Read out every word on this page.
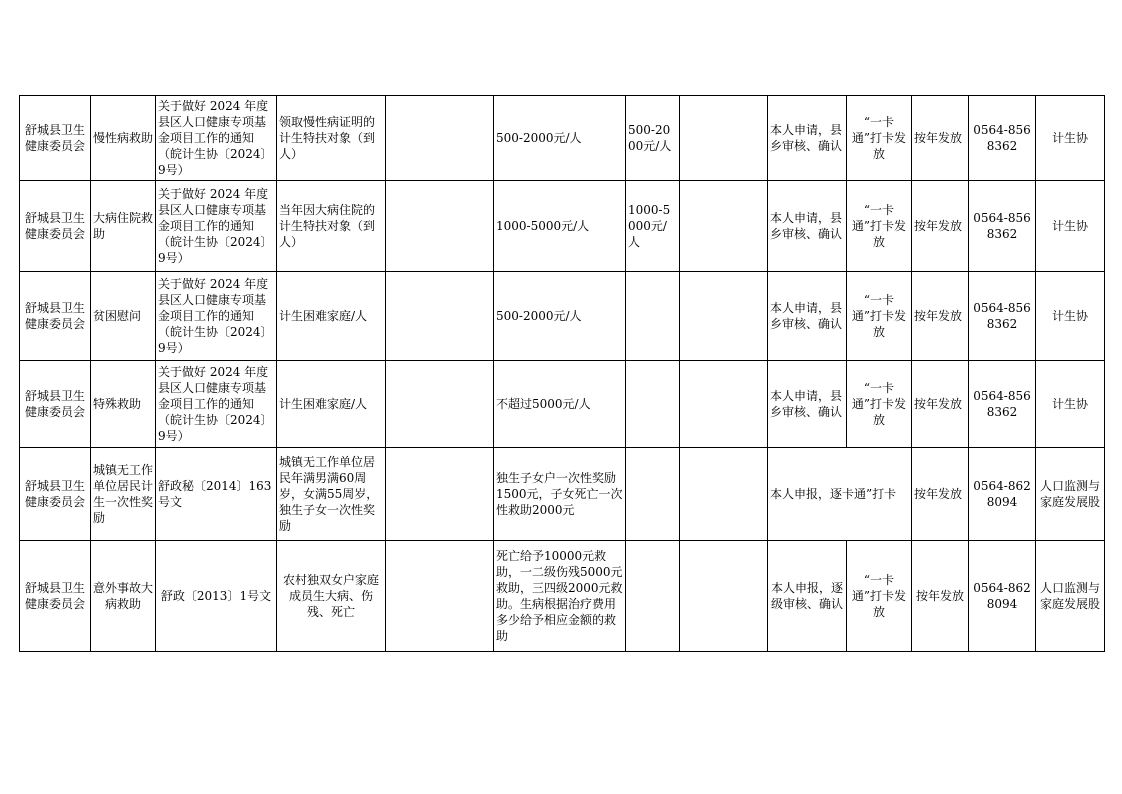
舒城县卫生健康委员会	慢性病救助	关于做好 2024 年度县区人口健康专项基金项目工作的通知（皖计生协〔2024〕9号）	领取慢性病证明的计生特扶对象（到人）		500-2000元/人	500-2000元/人		本人申请，县乡审核、确认	“一卡通”打卡发放	按年发放	0564-8568362	计生协
舒城县卫生健康委员会	大病住院救助	关于做好 2024 年度县区人口健康专项基金项目工作的通知（皖计生协〔2024〕9号）	当年因大病住院的计生特扶对象（到人）		1000-5000元/人	1000-5000元/人		本人申请，县乡审核、确认	“一卡通”打卡发放	按年发放	0564-8568362	计生协
舒城县卫生健康委员会	贫困慰问	关于做好 2024 年度县区人口健康专项基金项目工作的通知（皖计生协〔2024〕9号）	计生困难家庭/人		500-2000元/人			本人申请，县乡审核、确认	“一卡通”打卡发放	按年发放	0564-8568362	计生协
舒城县卫生健康委员会	特殊救助	关于做好 2024 年度县区人口健康专项基金项目工作的通知（皖计生协〔2024〕9号）	计生困难家庭/人		不超过5000元/人			本人申请，县乡审核、确认	“一卡通”打卡发放	按年发放	0564-8568362	计生协
舒城县卫生健康委员会	城镇无工作单位居民计生一次性奖励	舒政秘〔2014〕163号文	城镇无工作单位居民年满男满60周岁，女满55周岁，独生子女一次性奖励		独生子女户一次性奖励1500元，子女死亡一次性救助2000元			本人申报，逐卡通”打卡		按年发放	0564-8628094	人口监测与家庭发展股
舒城县卫生健康委员会	意外事故大病救助	舒政〔2013〕1号文	农村独双女户家庭成员生大病、伤残、死亡		死亡给予10000元救助，一二级伤残5000元救助，三四级2000元救助。生病根据治疗费用多少给予相应金额的救助			本人申报，逐级审核、确认	“一卡通”打卡发放	按年发放	0564-8628094	人口监测与家庭发展股
